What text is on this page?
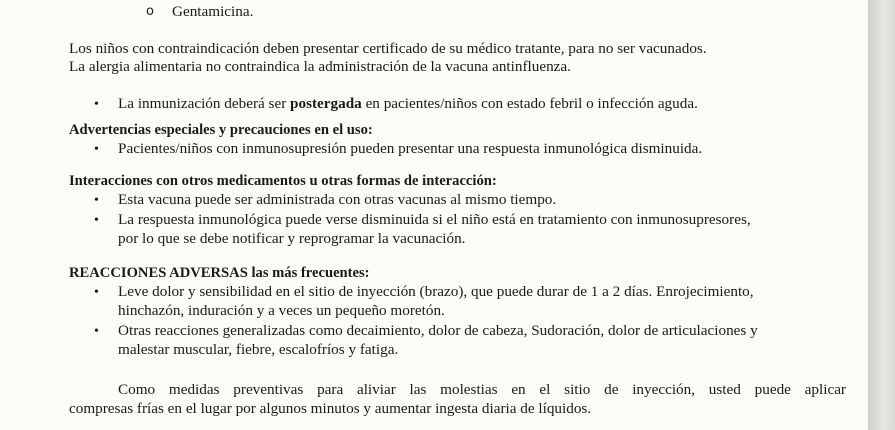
o Gentamicina.
Los niños con contraindicación deben presentar certificado de su médico tratante, para no ser vacunados.
La alergia alimentaria no contraindica la administración de la vacuna antinfluenza.
• La inmunización deberá ser postergada en pacientes/niños con estado febril o infección aguda.
Advertencias especiales y precauciones en el uso:
• Pacientes/niños con inmunosupresión pueden presentar una respuesta inmunológica disminuida.
Interacciones con otros medicamentos u otras formas de interacción:
• Esta vacuna puede ser administrada con otras vacunas al mismo tiempo.
• La respuesta inmunológica puede verse disminuida si el niño está en tratamiento con inmunosupresores,
por lo que se debe notificar y reprogramar la vacunación.
REACCIONES ADVERSAS las más frecuentes:
• Leve dolor y sensibilidad en el sitio de inyección (brazo), que puede durar de 1 a 2 días. Enrojecimiento,
hinchazón, induración y a veces un pequeño moretón.
• Otras reacciones generalizadas como decaimiento, dolor de cabeza, Sudoración, dolor de articulaciones y
malestar muscular, fiebre, escalofríos y fatiga.
Como medidas preventivas para aliviar las molestias en el sitio de inyección, usted puede aplicar
compresas frías en el lugar por algunos minutos y aumentar ingesta diaria de líquidos.
